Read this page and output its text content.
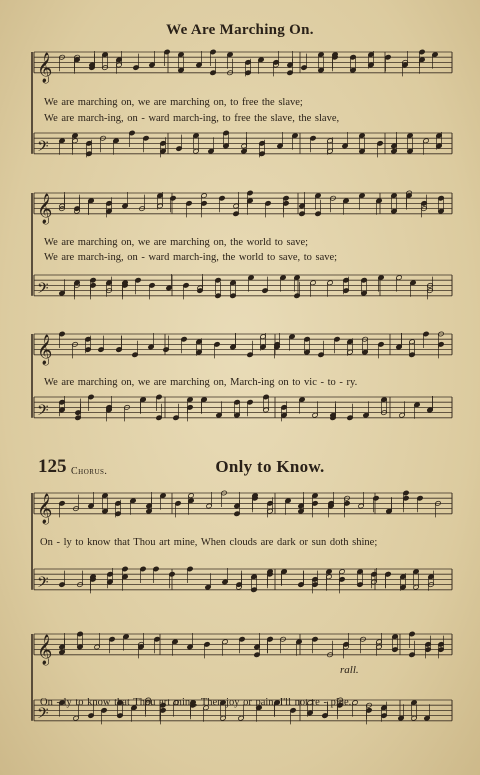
𝄞
𝄢
𝄞
𝄢
𝄞
𝄢
𝄞
𝄢
𝄞
𝄢
We Are Marching On.
We are marching on, we are marching on, to free the slave;
We are march-ing, on - ward march-ing, to free the slave, the slave,
We are marching on, we are marching on, the world to save;
We are march-ing, on - ward march-ing, the world to save, to save;
We are marching on, we are marching on, March-ing on to vic - to - ry.
125 Chorus.	Only to Know.
On - ly to know that Thou art mine, When clouds are dark or sun doth shine;
rall.
On - ly to know that Thou art mine, Then joy or pain, I'll not re - pine.
